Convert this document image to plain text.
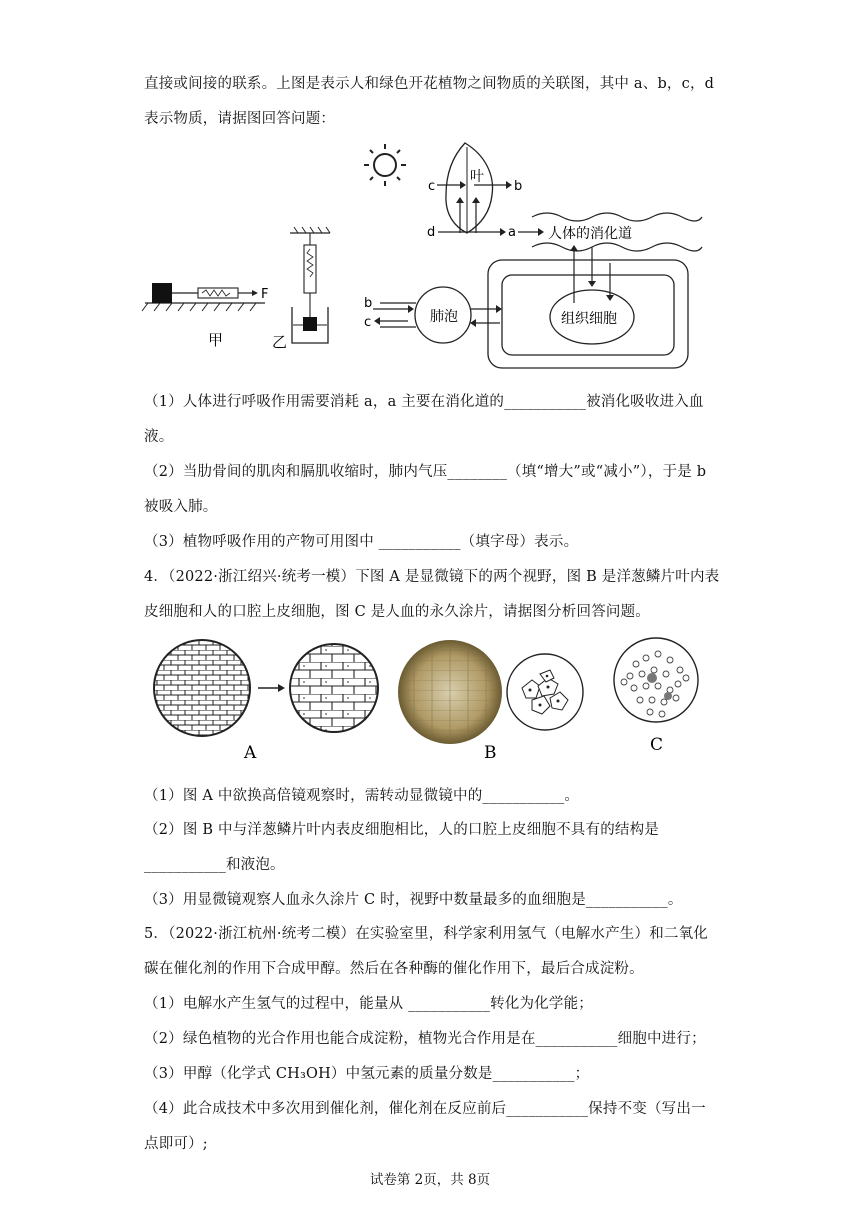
直接或间接的联系。上图是表示人和绿色开花植物之间物质的关联图，其中 a、b，c，d
表示物质，请据图回答问题：
叶
c	b
d	a 人体的消化道
组织细胞
肺泡
b
c
F
甲	乙
（1）人体进行呼吸作用需要消耗 a，a 主要在消化道的___________被消化吸收进入血
液。
（2）当肋骨间的肌肉和膈肌收缩时，肺内气压________（填“增大”或“减小”），于是 b
被吸入肺。
（3）植物呼吸作用的产物可用图中 ___________（填字母）表示。
4．（2022·浙江绍兴·统考一模）下图 A 是显微镜下的两个视野，图 B 是洋葱鳞片叶内表
皮细胞和人的口腔上皮细胞，图 C 是人血的永久涂片，请据图分析回答问题。
A	B	C
（1）图 A 中欲换高倍镜观察时，需转动显微镜中的___________。
（2）图 B 中与洋葱鳞片叶内表皮细胞相比，人的口腔上皮细胞不具有的结构是
___________和液泡。
（3）用显微镜观察人血永久涂片 C 时，视野中数量最多的血细胞是___________。
5．（2022·浙江杭州·统考二模）在实验室里，科学家利用氢气（电解水产生）和二氧化
碳在催化剂的作用下合成甲醇。然后在各种酶的催化作用下，最后合成淀粉。
（1）电解水产生氢气的过程中，能量从 ___________转化为化学能；
（2）绿色植物的光合作用也能合成淀粉，植物光合作用是在___________细胞中进行；
（3）甲醇（化学式 CH₃OH）中氢元素的质量分数是___________；
（4）此合成技术中多次用到催化剂，催化剂在反应前后___________保持不变（写出一
点即可）;
试卷第 2页，共 8页
